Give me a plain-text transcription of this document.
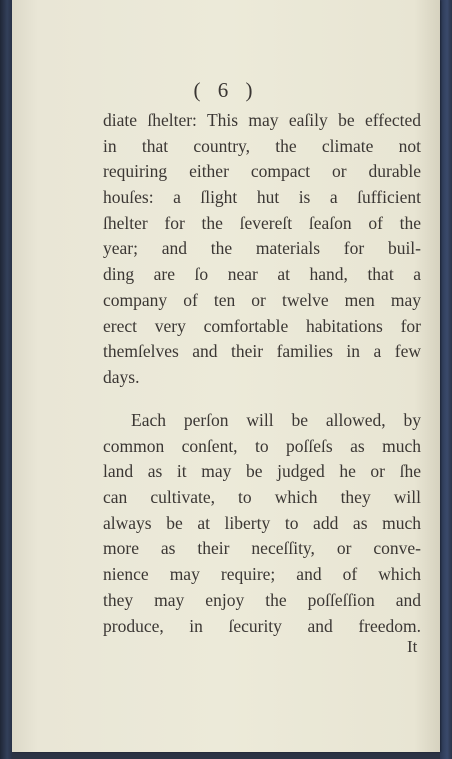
( 6 )
diate ſhelter: This may eaſily be effected
in that country, the climate not
requiring either compact or durable
houſes: a ſlight hut is a ſufficient
ſhelter for the ſevereſt ſeaſon of the
year; and the materials for buil-
ding are ſo near at hand, that a
company of ten or twelve men may
erect very comfortable habitations for
themſelves and their families in a few
days.
Each perſon will be allowed, by
common conſent, to poſſeſs as much
land as it may be judged he or ſhe
can cultivate, to which they will
always be at liberty to add as much
more as their neceſſity, or conve-
nience may require; and of which
they may enjoy the poſſeſſion and
produce, in ſecurity and freedom.
It
